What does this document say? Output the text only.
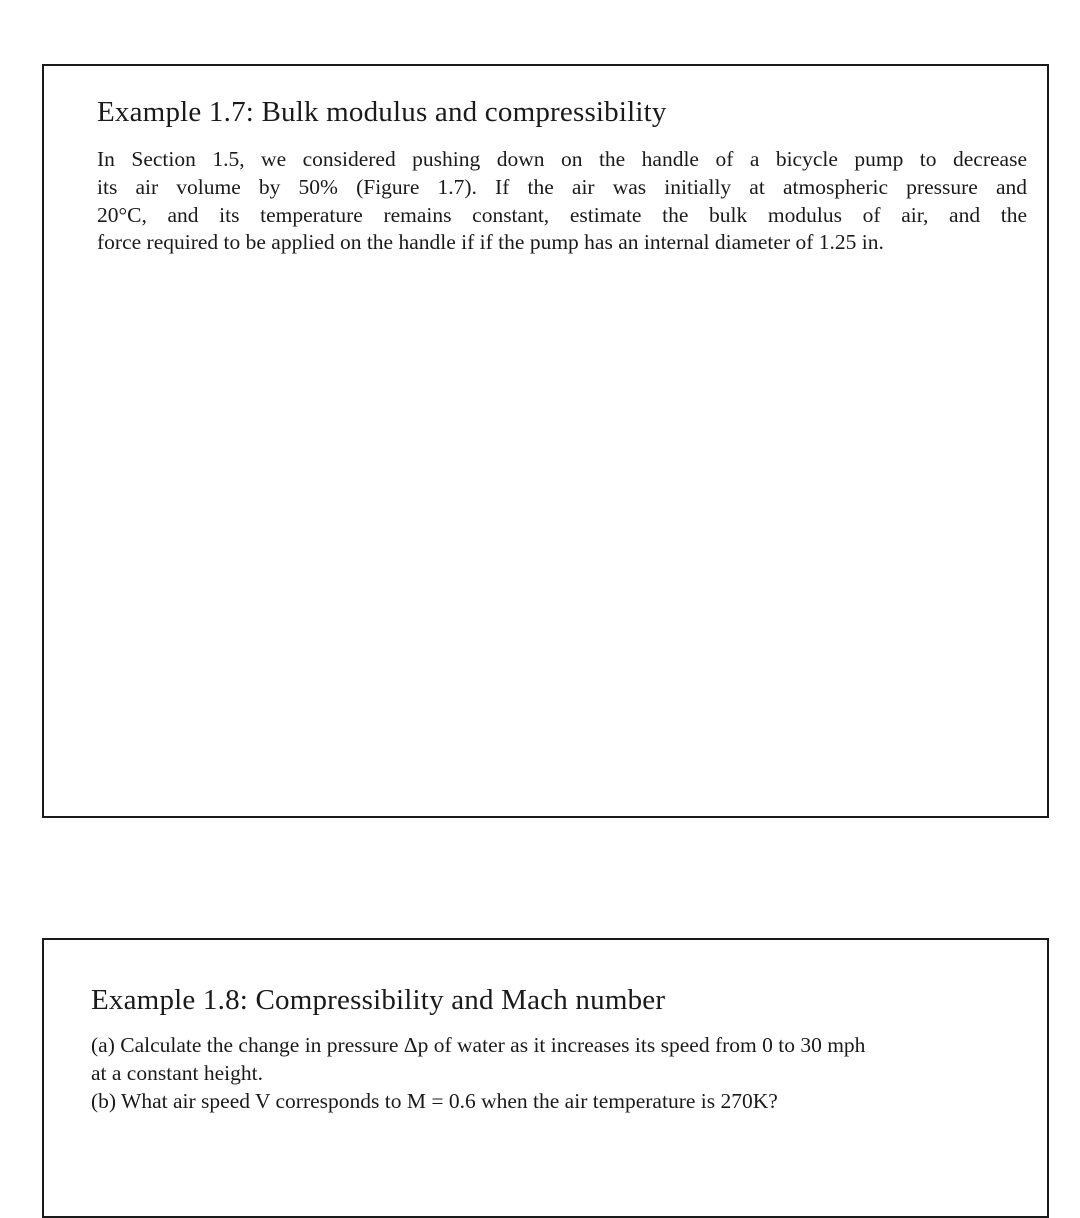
Example 1.7: Bulk modulus and compressibility
In Section 1.5, we considered pushing down on the handle of a bicycle pump to decrease
its air volume by 50% (Figure 1.7). If the air was initially at atmospheric pressure and
20°C, and its temperature remains constant, estimate the bulk modulus of air, and the
force required to be applied on the handle if if the pump has an internal diameter of 1.25 in.
Example 1.8: Compressibility and Mach number
(a) Calculate the change in pressure Δp of water as it increases its speed from 0 to 30 mph
at a constant height.
(b) What air speed V corresponds to M = 0.6 when the air temperature is 270K?
